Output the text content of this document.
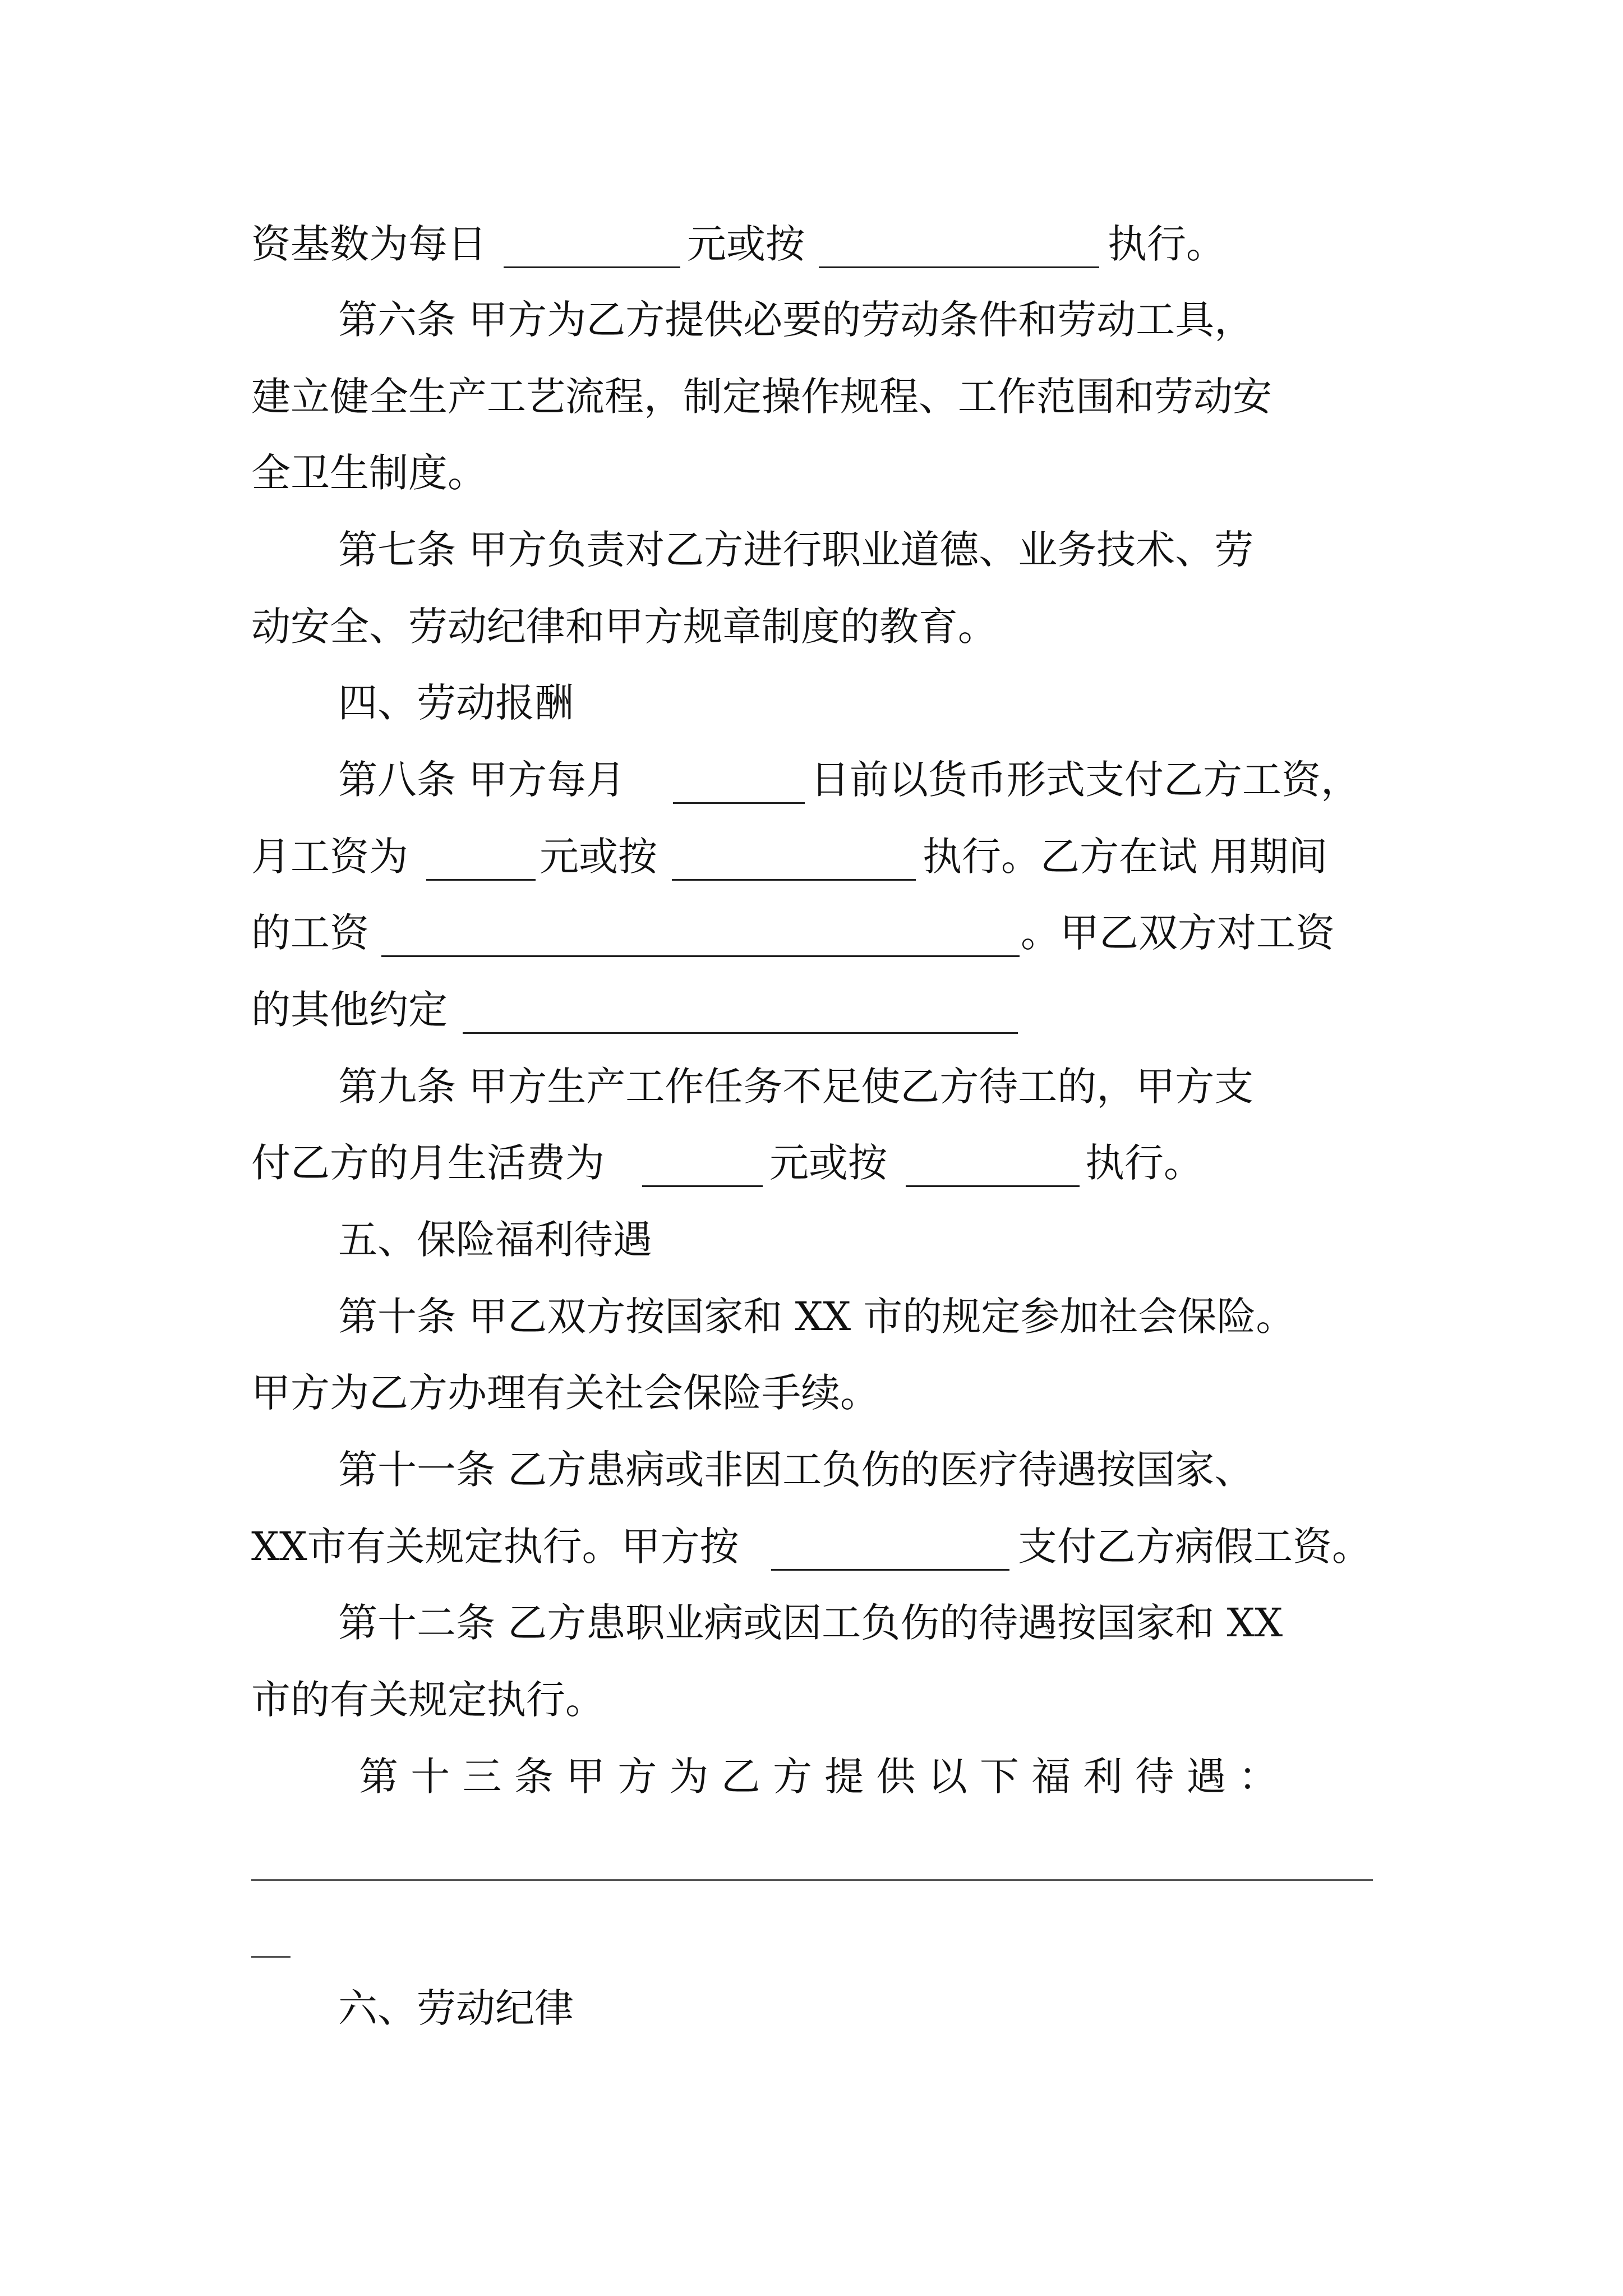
资基数为每日	元或按	执行。
第六条 甲方为乙方提供必要的劳动条件和劳动工具，
建立健全生产工艺流程，制定操作规程、工作范围和劳动安
全卫生制度。
第七条 甲方负责对乙方进行职业道德、业务技术、劳
动安全、劳动纪律和甲方规章制度的教育。
四、劳动报酬
第八条 甲方每月	日前以货币形式支付乙方工资，
月工资为	元或按	执行。乙方在试 用期间
的工资	。甲乙双方对工资
的其他约定
第九条 甲方生产工作任务不足使乙方待工的，甲方支
付乙方的月生活费为	元或按	执行。
五、保险福利待遇
第十条 甲乙双方按国家和 XX 市的规定参加社会保险。
甲方为乙方办理有关社会保险手续。
第十一条 乙方患病或非因工负伤的医疗待遇按国家、
XX市有关规定执行。甲方按	支付乙方病假工资。
第十二条 乙方患职业病或因工负伤的待遇按国家和 XX
市的有关规定执行。
第 十 三 条 甲 方 为 乙 方 提 供 以 下 福 利 待 遇 ：
六、劳动纪律
